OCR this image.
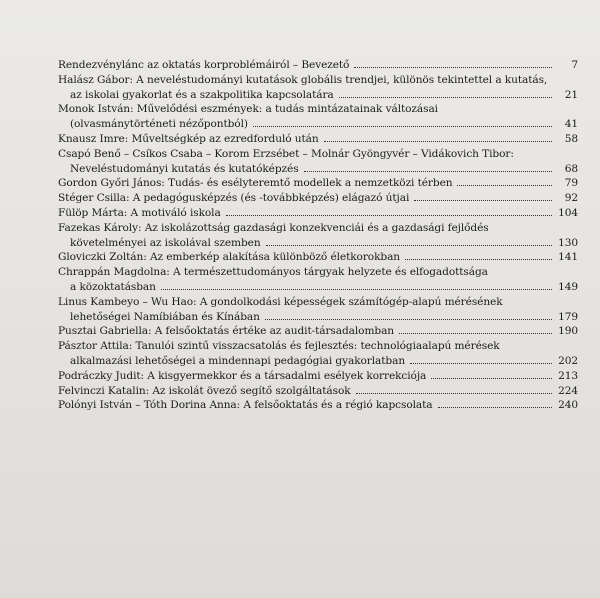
Rendezvénylánc az oktatás korproblémáiról – Bevezető	7
Halász Gábor: A neveléstudományi kutatások globális trendjei, különös tekintettel a kutatás,
az iskolai gyakorlat és a szakpolitika kapcsolatára	21
Monok István: Művelődési eszmények: a tudás mintázatainak változásai
(olvasmánytörténeti nézőpontból)	41
Knausz Imre: Műveltségkép az ezredforduló után	58
Csapó Benő – Csíkos Csaba – Korom Erzsébet – Molnár Gyöngyvér – Vidákovich Tibor:
Neveléstudományi kutatás és kutatóképzés	68
Gordon Győri János: Tudás- és esélyteremtő modellek a nemzetközi térben	79
Stéger Csilla: A pedagógusképzés (és -továbbképzés) elágazó útjai	92
Fülöp Márta: A motiváló iskola	104
Fazekas Károly: Az iskolázottság gazdasági konzekvenciái és a gazdasági fejlődés
követelményei az iskolával szemben	130
Gloviczki Zoltán: Az emberkép alakítása különböző életkorokban	141
Chrappán Magdolna: A természettudományos tárgyak helyzete és elfogadottsága
a közoktatásban	149
Linus Kambeyo – Wu Hao: A gondolkodási képességek számítógép-alapú mérésének
lehetőségei Namíbiában és Kínában	179
Pusztai Gabriella: A felsőoktatás értéke az audit-társadalomban	190
Pásztor Attila: Tanulói szintű visszacsatolás és fejlesztés: technológiaalapú mérések
alkalmazási lehetőségei a mindennapi pedagógiai gyakorlatban	202
Podráczky Judit: A kisgyermekkor és a társadalmi esélyek korrekciója	213
Felvinczi Katalin: Az iskolát övező segítő szolgáltatások	224
Polónyi István – Tóth Dorina Anna: A felsőoktatás és a régió kapcsolata	240
